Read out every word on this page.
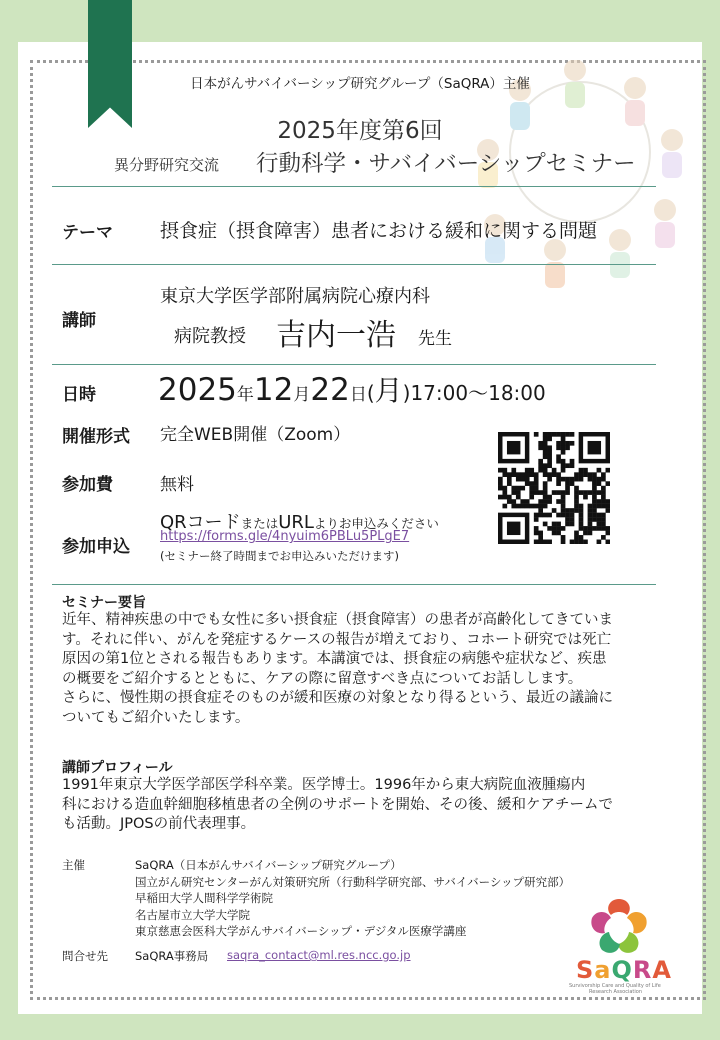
日本がんサバイバーシップ研究グループ（SaQRA）主催
2025年度第6回
異分野研究交流 行動科学・サバイバーシップセミナー
テーマ 摂食症（摂食障害）患者における緩和に関する問題
講師
東京大学医学部附属病院心療内科
病院教授 吉内一浩 先生
日時 2025年12月22日(月)17:00～18:00
開催形式 完全WEB開催（Zoom）
参加費	無料
参加申込
QRコードまたはURLよりお申込みください
https://forms.gle/4nyuim6PBLu5PLgE7
(セミナー終了時間までお申込みいただけます)
セミナー要旨
近年、精神疾患の中でも女性に多い摂食症（摂食障害）の患者が高齢化してきていま
す。それに伴い、がんを発症するケースの報告が増えており、コホート研究では死亡
原因の第1位とされる報告もあります。本講演では、摂食症の病態や症状など、疾患
の概要をご紹介するとともに、ケアの際に留意すべき点についてお話しします。
さらに、慢性期の摂食症そのものが緩和医療の対象となり得るという、最近の議論に
ついてもご紹介いたします。
講師プロフィール
1991年東京大学医学部医学科卒業。医学博士。1996年から東大病院血液腫瘍内
科における造血幹細胞移植患者の全例のサポートを開始、その後、緩和ケアチームで
も活動。JPOSの前代表理事。
主催	SaQRA（日本がんサバイバーシップ研究グループ）
国立がん研究センターがん対策研究所（行動科学研究部、サバイバーシップ研究部）
早稲田大学人間科学学術院
名古屋市立大学大学院
東京慈恵会医科大学がんサバイバーシップ・デジタル医療学講座
問合せ先 SaQRA事務局 saqra_contact@ml.res.ncc.go.jp
SaQRA
Survivorship Care and Quality of Life
Research Association
